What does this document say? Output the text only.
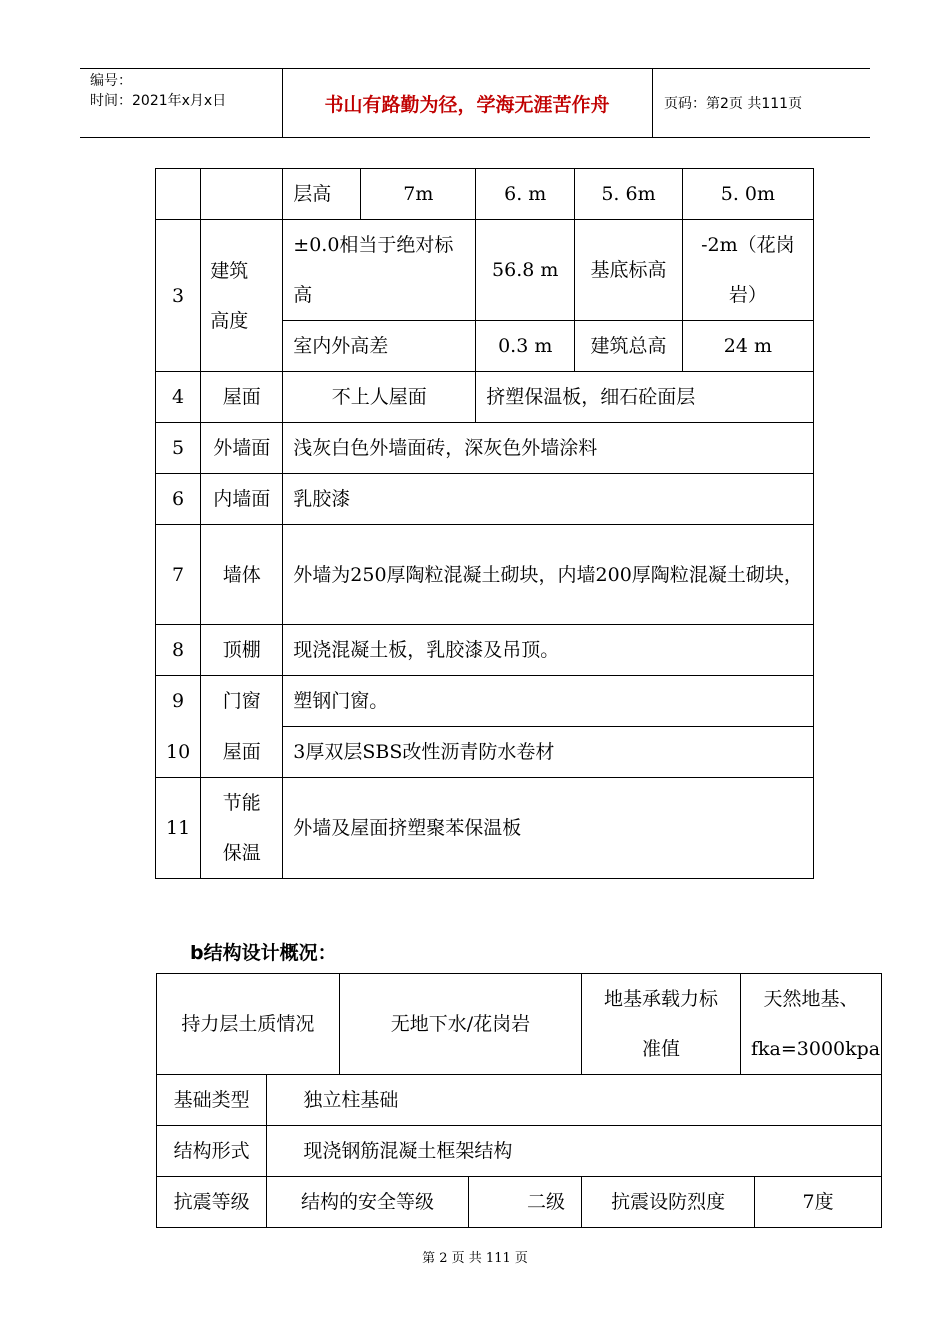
编号：
时间：2021年x月x日	书山有路勤为径，学海无涯苦作舟	页码：第2页 共111页
		层高	7m	6. m	5. 6m	5. 0m
3	建筑高度	±0.0相当于绝对标高		56.8 m	基底标高	-2m（花岗岩）

		室内外高差		0.3 m	建筑总高	24 m
4	屋面	不上人屋面		挤塑保温板，细石砼面层		
5	外墙面	浅灰白色外墙面砖，深灰色外墙涂料				
6	内墙面	乳胶漆				
7	墙体	外墙为250厚陶粒混凝土砌块，内墙200厚陶粒混凝土砌块，				
8	顶棚	现浇混凝土板，乳胶漆及吊顶。				
9	门窗	塑钢门窗。				
10	屋面	3厚双层SBS改性沥青防水卷材				
11	节能保温	外墙及屋面挤塑聚苯保温板				
b结构设计概况：
持力层土质情况		无地下水/花岗岩		地基承载力标准值	天然地基、fka=3000kpa	

基础类型	独立柱基础					
结构形式	现浇钢筋混凝土框架结构					
抗震等级	结构的安全等级		二级	抗震设防烈度		7度
第 2 页 共 111 页
